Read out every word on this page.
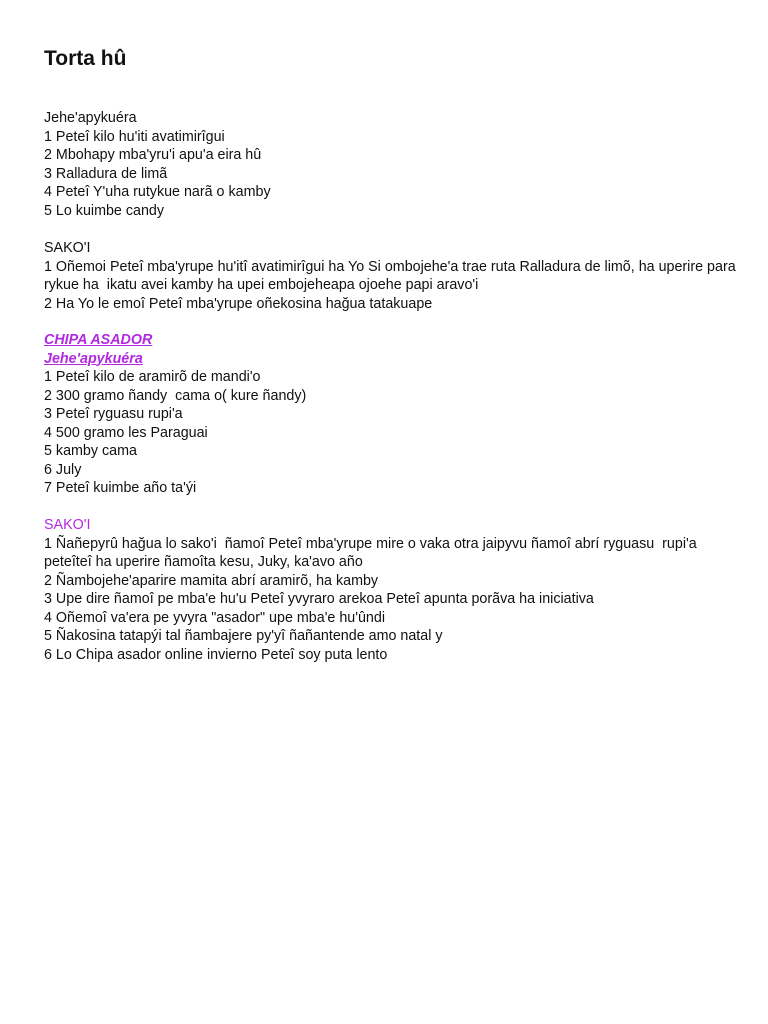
Torta hû
Jehe'apykuéra
1 Peteî kilo hu'iti avatimirîgui
2 Mbohapy mba'yru'i apu'a eira hû
3 Ralladura de limã
4 Peteî Y'uha rutykue narã o kamby
5 Lo kuimbe candy
SAKO'I
1 Oñemoi Peteî mba'yrupe hu'itî avatimirîgui ha Yo Si ombojehe'a trae ruta Ralladura de limõ, ha uperire para rykue ha  ikatu avei kamby ha upei embojeheapa ojoehe papi aravo'i
2 Ha Yo le emoî Peteî mba'yrupe oñekosina hağua tatakuape
CHIPA ASADOR
Jehe'apykuéra
1 Peteî kilo de aramirõ de mandi'o
2 300 gramo ñandy  cama o( kure ñandy)
3 Peteî ryguasu rupi'a
4 500 gramo les Paraguai
5 kamby cama
6 July
7 Peteî kuimbe año ta'ýi
SAKO'I
1 Ñañepyrû hağua lo sako'i  ñamoî Peteî mba'yrupe mire o vaka otra jaipyvu ñamoî abrí ryguasu  rupi'a peteîteî ha uperire ñamoîta kesu, Juky, ka'avo año
2 Ñambojehe'aparire mamita abrí aramirõ, ha kamby
3 Upe dire ñamoî pe mba'e hu'u Peteî yvyraro arekoa Peteî apunta porãva ha iniciativa
4 Oñemoî va'era pe yvyra "asador" upe mba'e hu'ûndi
5 Ñakosina tatapýi tal ñambajere py'yî ñañantende amo natal y
6 Lo Chipa asador online invierno Peteî soy puta lento
